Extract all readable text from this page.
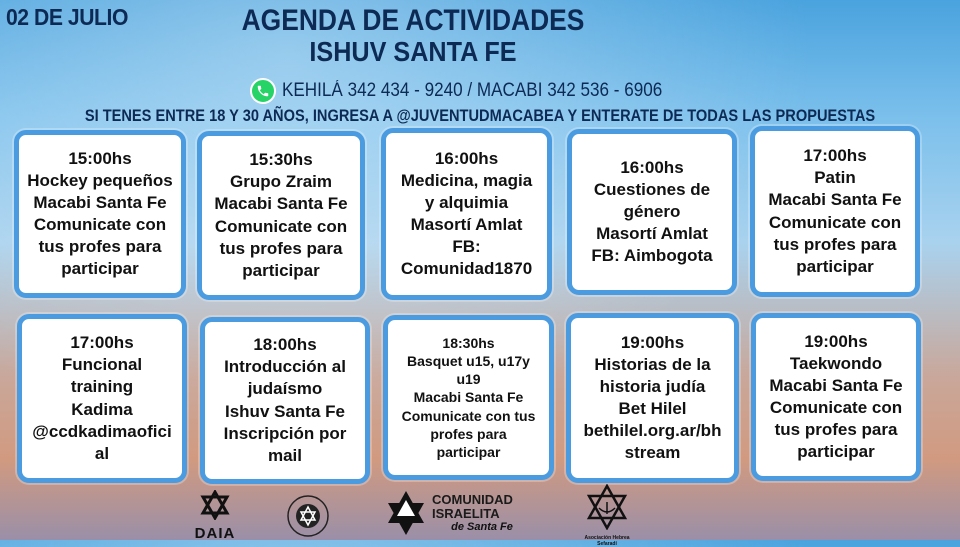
02 DE JULIO	AGENDA DE ACTIVIDADES
ISHUV SANTA FE
KEHILÁ 342 434 - 9240 / MACABI 342 536 - 6906
SI TENES ENTRE 18 Y 30 AÑOS, INGRESA A @JUVENTUDMACABEA Y ENTERATE DE TODAS LAS PROPUESTAS
15:00hs
Hockey pequeños
Macabi Santa Fe
Comunicate con
tus profes para
participar
15:30hs
Grupo Zraim
Macabi Santa Fe
Comunicate con
tus profes para
participar
16:00hs
Medicina, magia
y alquimia
Masortí Amlat
FB:
Comunidad1870
16:00hs
Cuestiones de
género
Masortí Amlat
FB: Aimbogota
17:00hs
Patin
Macabi Santa Fe
Comunicate con
tus profes para
participar
17:00hs
Funcional
training
Kadima
@ccdkadimaofici
al
18:00hs
Introducción al
judaísmo
Ishuv Santa Fe
Inscripción por
mail
18:30hs
Basquet u15, u17y
u19
Macabi Santa Fe
Comunicate con tus
profes para
participar
19:00hs
Historias de la
historia judía
Bet Hilel
bethilel.org.ar/bh
stream
19:00hs
Taekwondo
Macabi Santa Fe
Comunicate con
tus profes para
participar
DAIA
COMUNIDAD
ISRAELITA
de Santa Fe
Asociación Hebrea Sefaradí
